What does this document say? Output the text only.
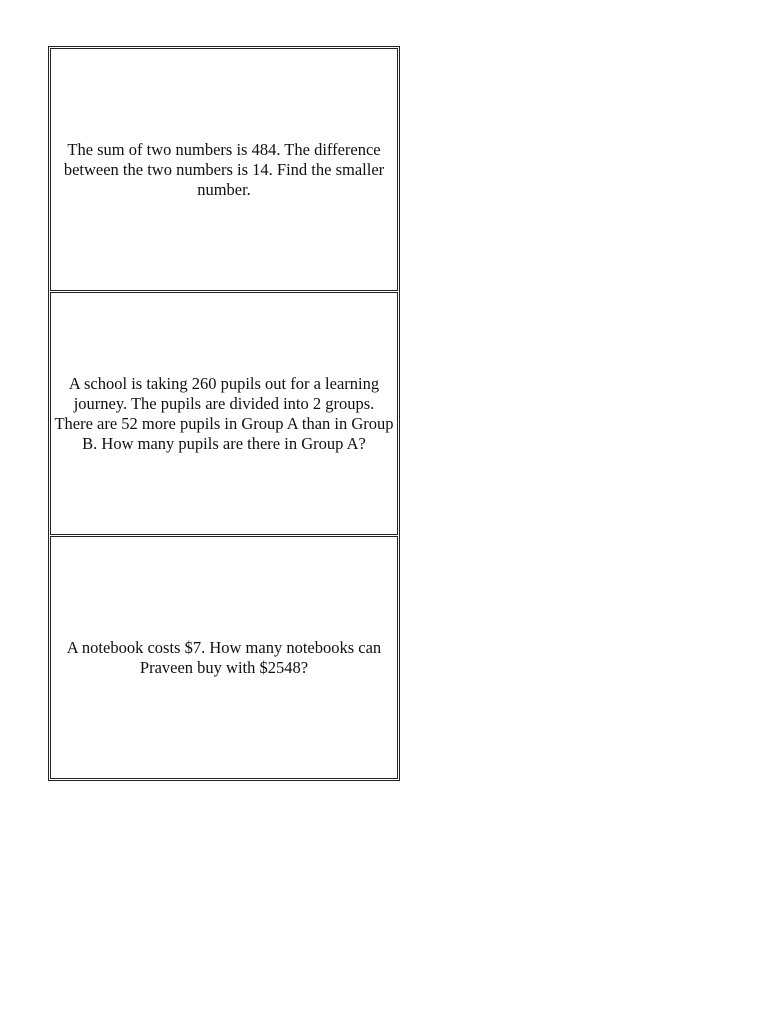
The sum of two numbers is 484. The difference between the two numbers is 14. Find the smaller number.

A school is taking 260 pupils out for a learning journey. The pupils are divided into 2 groups. There are 52 more pupils in Group A than in Group B. How many pupils are there in Group A?

A notebook costs $7. How many notebooks can Praveen buy with $2548?
